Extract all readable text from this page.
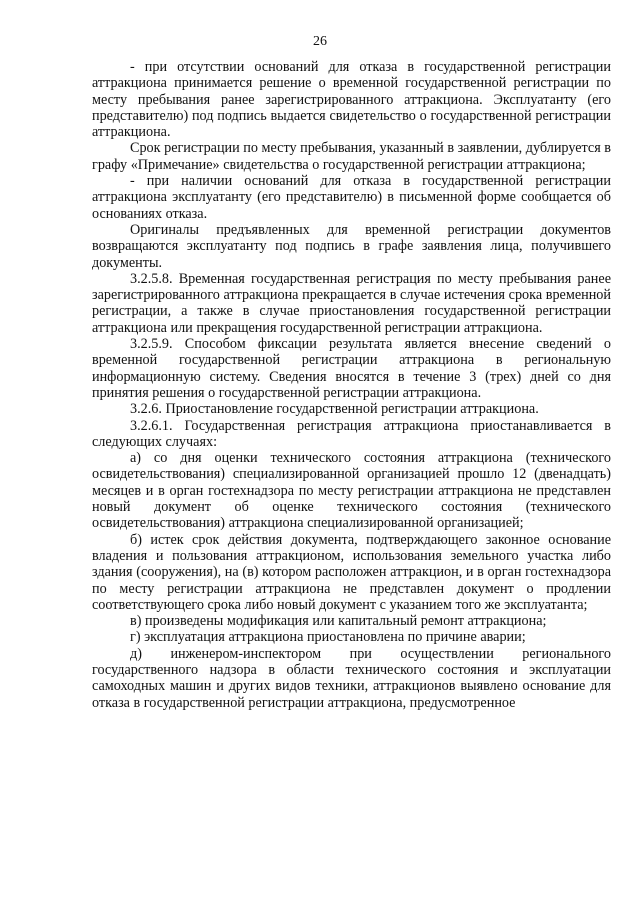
26

- при отсутствии оснований для отказа в государственной регистрации аттракциона принимается решение о временной государственной регистрации по месту пребывания ранее зарегистрированного аттракциона. Эксплуатанту (его представителю) под подпись выдается свидетельство о государственной регистрации аттракциона.

Срок регистрации по месту пребывания, указанный в заявлении, дублируется в графу «Примечание» свидетельства о государственной регистрации аттракциона;

- при наличии оснований для отказа в государственной регистрации аттракциона эксплуатанту (его представителю) в письменной форме сообщается об основаниях отказа.

Оригиналы предъявленных для временной регистрации документов возвращаются эксплуатанту под подпись в графе заявления лица, получившего документы.

3.2.5.8. Временная государственная регистрация по месту пребывания ранее зарегистрированного аттракциона прекращается в случае истечения срока временной регистрации, а также в случае приостановления государственной регистрации аттракциона или прекращения государственной регистрации аттракциона.

3.2.5.9. Способом фиксации результата является внесение сведений о временной государственной регистрации аттракциона в региональную информационную систему. Сведения вносятся в течение 3 (трех) дней со дня принятия решения о государственной регистрации аттракциона.

3.2.6. Приостановление государственной регистрации аттракциона.

3.2.6.1. Государственная регистрация аттракциона приостанавливается в следующих случаях:

а) со дня оценки технического состояния аттракциона (технического освидетельствования) специализированной организацией прошло 12 (двенадцать) месяцев и в орган гостехнадзора по месту регистрации аттракциона не представлен новый документ об оценке технического состояния (технического освидетельствования) аттракциона специализированной организацией;

б) истек срок действия документа, подтверждающего законное основание владения и пользования аттракционом, использования земельного участка либо здания (сооружения), на (в) котором расположен аттракцион, и в орган гостехнадзора по месту регистрации аттракциона не представлен документ о продлении соответствующего срока либо новый документ с указанием того же эксплуатанта;

в) произведены модификация или капитальный ремонт аттракциона;

г) эксплуатация аттракциона приостановлена по причине аварии;

д) инженером-инспектором при осуществлении регионального государственного надзора в области технического состояния и эксплуатации самоходных машин и других видов техники, аттракционов выявлено основание для отказа в государственной регистрации аттракциона, предусмотренное
